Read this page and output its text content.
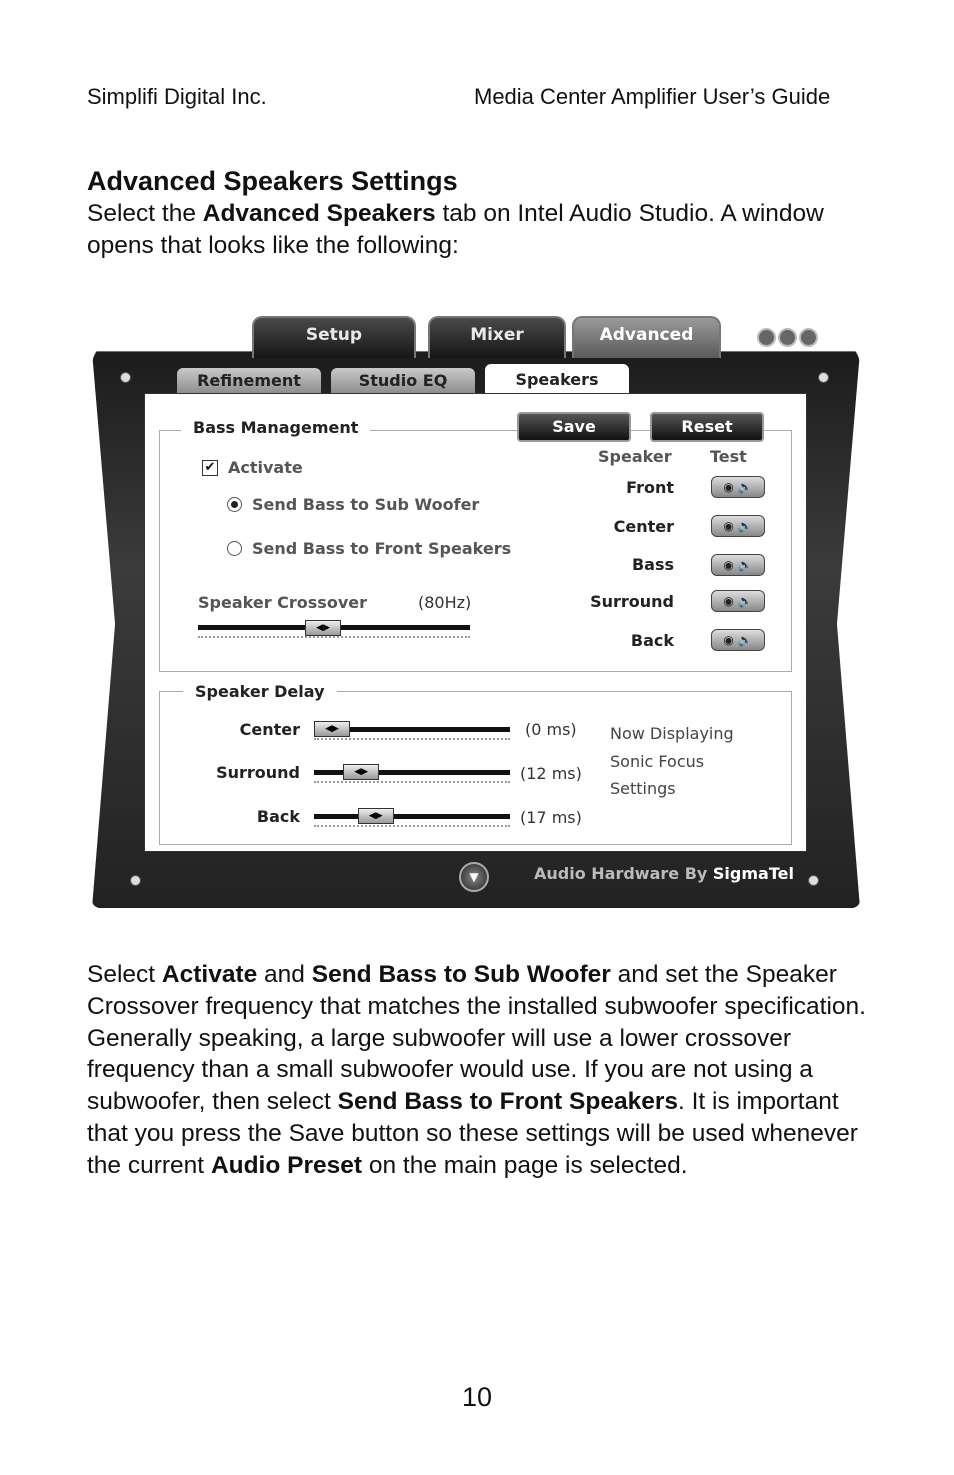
Simplifi Digital Inc.	Media Center Amplifier User’s Guide
Advanced Speakers Settings
Select the Advanced Speakers tab on Intel Audio Studio. A window opens that looks like the following:
Setup	Mixer	Advanced
Refinement	Studio EQ	Speakers
Bass Management	Save	Reset
✔ Activate
Send Bass to Sub Woofer
Send Bass to Front Speakers
Speaker Crossover	(80Hz)
◀▶
Speaker Test
Front	◉ 🔈
Center	◉ 🔈
Bass	◉ 🔈
Surround	◉ 🔈
Back	◉ 🔈
Speaker Delay
Center	◀▶	(0 ms)
Surround	◀▶	(12 ms)
Back	◀▶	(17 ms)
Now Displaying
Sonic Focus
Settings
▼	Audio Hardware By SigmaTel
Select Activate and Send Bass to Sub Woofer and set the Speaker Crossover frequency that matches the installed subwoofer specification. Generally speaking, a large subwoofer will use a lower crossover frequency than a small subwoofer would use. If you are not using a subwoofer, then select Send Bass to Front Speakers. It is important that you press the Save button so these settings will be used whenever the current Audio Preset on the main page is selected.
10
